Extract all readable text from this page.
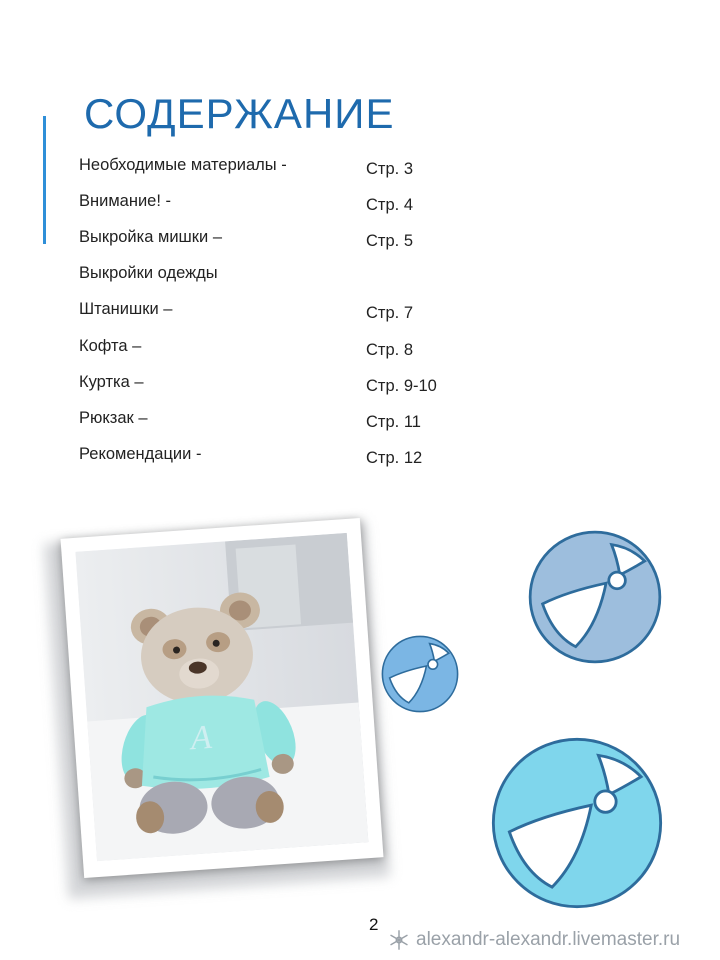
СОДЕРЖАНИЕ
Необходимые материалы -	Стр. 3
Внимание! -	Стр. 4
Выкройка мишки –	Стр. 5
Выкройки одежды
Штанишки –	Стр. 7
Кофта –	Стр. 8
Куртка –	Стр. 9-10
Рюкзак –	Стр. 11
Рекомендации -	Стр. 12
A
2
alexandr-alexandr.livemaster.ru
